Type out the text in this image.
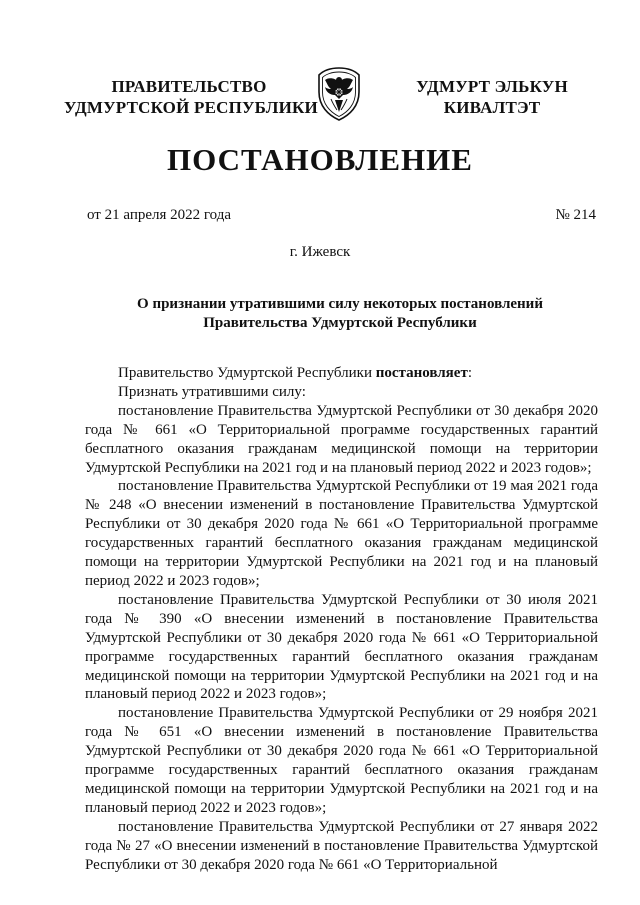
ПРАВИТЕЛЬСТВО
УДМУРТСКОЙ РЕСПУБЛИКИ
УДМУРТ ЭЛЬКУН
КИВАЛТЭТ
ПОСТАНОВЛЕНИЕ
от 21 апреля 2022 года	№ 214
г. Ижевск
О признании утратившими силу некоторых постановлений
Правительства Удмуртской Республики

Правительство Удмуртской Республики постановляет:

Признать утратившими силу:

постановление Правительства Удмуртской Республики от 30 декабря 2020 года № 661 «О Территориальной программе государственных гарантий бесплатного оказания гражданам медицинской помощи на территории Удмуртской Республики на 2021 год и на плановый период 2022 и 2023 годов»;

постановление Правительства Удмуртской Республики от 19 мая 2021 года № 248 «О внесении изменений в постановление Правительства Удмуртской Республики от 30 декабря 2020 года № 661 «О Территориальной программе государственных гарантий бесплатного оказания гражданам медицинской помощи на территории Удмуртской Республики на 2021 год и на плановый период 2022 и 2023 годов»;

постановление Правительства Удмуртской Республики от 30 июля 2021 года № 390 «О внесении изменений в постановление Правительства Удмуртской Республики от 30 декабря 2020 года № 661 «О Территориальной программе государственных гарантий бесплатного оказания гражданам медицинской помощи на территории Удмуртской Республики на 2021 год и на плановый период 2022 и 2023 годов»;

постановление Правительства Удмуртской Республики от 29 ноября 2021 года № 651 «О внесении изменений в постановление Правительства Удмуртской Республики от 30 декабря 2020 года № 661 «О Территориальной программе государственных гарантий бесплатного оказания гражданам медицинской помощи на территории Удмуртской Республики на 2021 год и на плановый период 2022 и 2023 годов»;

постановление Правительства Удмуртской Республики от 27 января 2022 года № 27 «О внесении изменений в постановление Правительства Удмуртской Республики от 30 декабря 2020 года № 661 «О Территориальной
